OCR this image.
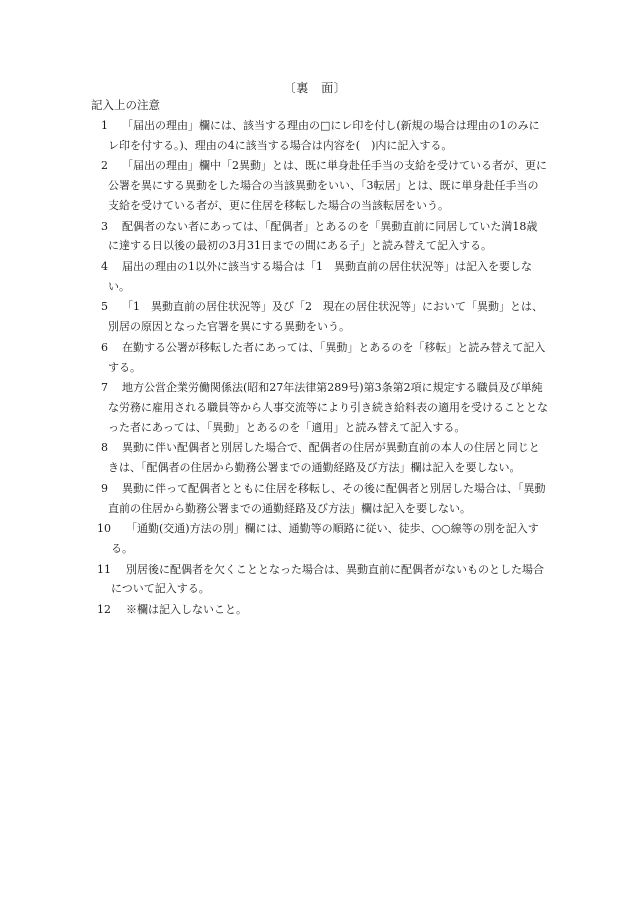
〔裏　面〕
記入上の注意
1	「届出の理由」欄には、該当する理由の□にレ印を付し(新規の場合は理由の1のみにレ印を付する。)、理由の4に該当する場合は内容を(　)内に記入する。
2	「届出の理由」欄中「2異動」とは、既に単身赴任手当の支給を受けている者が、更に公署を異にする異動をした場合の当該異動をいい、「3転居」とは、既に単身赴任手当の支給を受けている者が、更に住居を移転した場合の当該転居をいう。
3	配偶者のない者にあっては、「配偶者」とあるのを「異動直前に同居していた満18歳に達する日以後の最初の3月31日までの間にある子」と読み替えて記入する。
4	届出の理由の1以外に該当する場合は「1　異動直前の居住状況等」は記入を要しない。
5	「1　異動直前の居住状況等」及び「2　現在の居住状況等」において「異動」とは、別居の原因となった官署を異にする異動をいう。
6	在勤する公署が移転した者にあっては、「異動」とあるのを「移転」と読み替えて記入する。
7	地方公営企業労働関係法(昭和27年法律第289号)第3条第2項に規定する職員及び単純な労務に雇用される職員等から人事交流等により引き続き給料表の適用を受けることとなった者にあっては、「異動」とあるのを「適用」と読み替えて記入する。
8	異動に伴い配偶者と別居した場合で、配偶者の住居が異動直前の本人の住居と同じときは、「配偶者の住居から勤務公署までの通勤経路及び方法」欄は記入を要しない。
9	異動に伴って配偶者とともに住居を移転し、その後に配偶者と別居した場合は、「異動直前の住居から勤務公署までの通勤経路及び方法」欄は記入を要しない。
10	「通勤(交通)方法の別」欄には、通勤等の順路に従い、徒歩、○○線等の別を記入する。
11	別居後に配偶者を欠くこととなった場合は、異動直前に配偶者がないものとした場合について記入する。
12	※欄は記入しないこと。
